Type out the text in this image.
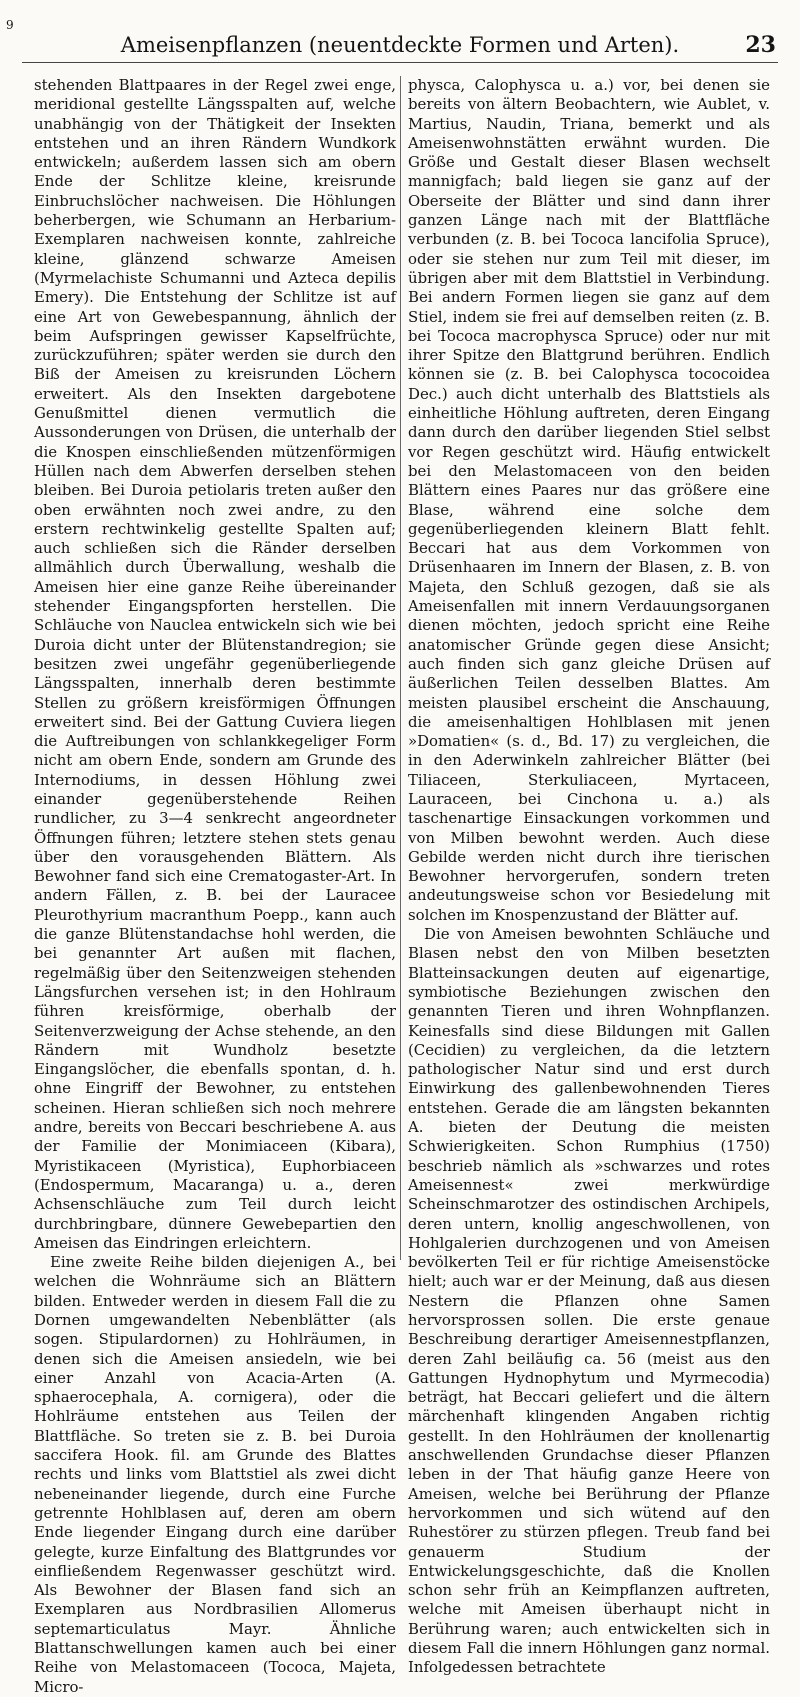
9
Ameisenpflanzen (neuentdeckte Formen und Arten).	23

stehenden Blattpaares in der Regel zwei enge, meridional gestellte Längsspalten auf, welche unabhängig von der Thätigkeit der Insekten entstehen und an ihren Rändern Wundkork entwickeln; außerdem lassen sich am obern Ende der Schlitze kleine, kreisrunde Einbruchslöcher nachweisen. Die Höhlungen beherbergen, wie Schumann an Herbarium-Exemplaren nachweisen konnte, zahlreiche kleine, glänzend schwarze Ameisen (Myrmelachiste Schumanni und Azteca depilis Emery). Die Entstehung der Schlitze ist auf eine Art von Gewebespannung, ähnlich der beim Aufspringen gewisser Kapselfrüchte, zurückzuführen; später werden sie durch den Biß der Ameisen zu kreisrunden Löchern erweitert. Als den Insekten dargebotene Genußmittel dienen vermutlich die Aussonderungen von Drüsen, die unterhalb der die Knospen einschließenden mützenförmigen Hüllen nach dem Abwerfen derselben stehen bleiben. Bei Duroia petiolaris treten außer den oben erwähnten noch zwei andre, zu den erstern rechtwinkelig gestellte Spalten auf; auch schließen sich die Ränder derselben allmählich durch Überwallung, weshalb die Ameisen hier eine ganze Reihe übereinander stehender Eingangspforten herstellen. Die Schläuche von Nauclea entwickeln sich wie bei Duroia dicht unter der Blütenstandregion; sie besitzen zwei ungefähr gegenüberliegende Längsspalten, innerhalb deren bestimmte Stellen zu größern kreisförmigen Öffnungen erweitert sind. Bei der Gattung Cuviera liegen die Auftreibungen von schlankkegeliger Form nicht am obern Ende, sondern am Grunde des Internodiums, in dessen Höhlung zwei einander gegenüberstehende Reihen rundlicher, zu 3—4 senkrecht angeordneter Öffnungen führen; letztere stehen stets genau über den vorausgehenden Blättern. Als Bewohner fand sich eine Crematogaster-Art. In andern Fällen, z. B. bei der Lauracee Pleurothyrium macranthum Poepp., kann auch die ganze Blütenstandachse hohl werden, die bei genannter Art außen mit flachen, regelmäßig über den Seitenzweigen stehenden Längsfurchen versehen ist; in den Hohlraum führen kreisförmige, oberhalb der Seitenverzweigung der Achse stehende, an den Rändern mit Wundholz besetzte Eingangslöcher, die ebenfalls spontan, d. h. ohne Eingriff der Bewohner, zu entstehen scheinen. Hieran schließen sich noch mehrere andre, bereits von Beccari beschriebene A. aus der Familie der Monimiaceen (Kibara), Myristikaceen (Myristica), Euphorbiaceen (Endospermum, Macaranga) u. a., deren Achsenschläuche zum Teil durch leicht durchbringbare, dünnere Gewebepartien den Ameisen das Eindringen erleichtern.

Eine zweite Reihe bilden diejenigen A., bei welchen die Wohnräume sich an Blättern bilden. Entweder werden in diesem Fall die zu Dornen umgewandelten Nebenblätter (als sogen. Stipulardornen) zu Hohlräumen, in denen sich die Ameisen ansiedeln, wie bei einer Anzahl von Acacia-Arten (A. sphaerocephala, A. cornigera), oder die Hohlräume entstehen aus Teilen der Blattfläche. So treten sie z. B. bei Duroia saccifera Hook. fil. am Grunde des Blattes rechts und links vom Blattstiel als zwei dicht nebeneinander liegende, durch eine Furche getrennte Hohlblasen auf, deren am obern Ende liegender Eingang durch eine darüber gelegte, kurze Einfaltung des Blattgrundes vor einfließendem Regenwasser geschützt wird. Als Bewohner der Blasen fand sich an Exemplaren aus Nordbrasilien Allomerus septemarticulatus Mayr. Ähnliche Blattanschwellungen kamen auch bei einer Reihe von Melastomaceen (Tococa, Majeta, Micro-

physca, Calophysca u. a.) vor, bei denen sie bereits von ältern Beobachtern, wie Aublet, v. Martius, Naudin, Triana, bemerkt und als Ameisenwohnstätten erwähnt wurden. Die Größe und Gestalt dieser Blasen wechselt mannigfach; bald liegen sie ganz auf der Oberseite der Blätter und sind dann ihrer ganzen Länge nach mit der Blattfläche verbunden (z. B. bei Tococa lancifolia Spruce), oder sie stehen nur zum Teil mit dieser, im übrigen aber mit dem Blattstiel in Verbindung. Bei andern Formen liegen sie ganz auf dem Stiel, indem sie frei auf demselben reiten (z. B. bei Tococa macrophysca Spruce) oder nur mit ihrer Spitze den Blattgrund berühren. Endlich können sie (z. B. bei Calophysca tococoidea Dec.) auch dicht unterhalb des Blattstiels als einheitliche Höhlung auftreten, deren Eingang dann durch den darüber liegenden Stiel selbst vor Regen geschützt wird. Häufig entwickelt bei den Melastomaceen von den beiden Blättern eines Paares nur das größere eine Blase, während eine solche dem gegenüberliegenden kleinern Blatt fehlt. Beccari hat aus dem Vorkommen von Drüsenhaaren im Innern der Blasen, z. B. von Majeta, den Schluß gezogen, daß sie als Ameisenfallen mit innern Verdauungsorganen dienen möchten, jedoch spricht eine Reihe anatomischer Gründe gegen diese Ansicht; auch finden sich ganz gleiche Drüsen auf äußerlichen Teilen desselben Blattes. Am meisten plausibel erscheint die Anschauung, die ameisenhaltigen Hohlblasen mit jenen »Domatien« (s. d., Bd. 17) zu vergleichen, die in den Aderwinkeln zahlreicher Blätter (bei Tiliaceen, Sterkuliaceen, Myrtaceen, Lauraceen, bei Cinchona u. a.) als taschenartige Einsackungen vorkommen und von Milben bewohnt werden. Auch diese Gebilde werden nicht durch ihre tierischen Bewohner hervorgerufen, sondern treten andeutungsweise schon vor Besiedelung mit solchen im Knospenzustand der Blätter auf.

Die von Ameisen bewohnten Schläuche und Blasen nebst den von Milben besetzten Blatteinsackungen deuten auf eigenartige, symbiotische Beziehungen zwischen den genannten Tieren und ihren Wohnpflanzen. Keinesfalls sind diese Bildungen mit Gallen (Cecidien) zu vergleichen, da die letztern pathologischer Natur sind und erst durch Einwirkung des gallenbewohnenden Tieres entstehen. Gerade die am längsten bekannten A. bieten der Deutung die meisten Schwierigkeiten. Schon Rumphius (1750) beschrieb nämlich als »schwarzes und rotes Ameisennest« zwei merkwürdige Scheinschmarotzer des ostindischen Archipels, deren untern, knollig angeschwollenen, von Hohlgalerien durchzogenen und von Ameisen bevölkerten Teil er für richtige Ameisenstöcke hielt; auch war er der Meinung, daß aus diesen Nestern die Pflanzen ohne Samen hervorsprossen sollen. Die erste genaue Beschreibung derartiger Ameisennestpflanzen, deren Zahl beiläufig ca. 56 (meist aus den Gattungen Hydnophytum und Myrmecodia) beträgt, hat Beccari geliefert und die ältern märchenhaft klingenden Angaben richtig gestellt. In den Hohlräumen der knollenartig anschwellenden Grundachse dieser Pflanzen leben in der That häufig ganze Heere von Ameisen, welche bei Berührung der Pflanze hervorkommen und sich wütend auf den Ruhestörer zu stürzen pflegen. Treub fand bei genauerm Studium der Entwickelungsgeschichte, daß die Knollen schon sehr früh an Keimpflanzen auftreten, welche mit Ameisen überhaupt nicht in Berührung waren; auch entwickelten sich in diesem Fall die innern Höhlungen ganz normal. Infolgedessen betrachtete
